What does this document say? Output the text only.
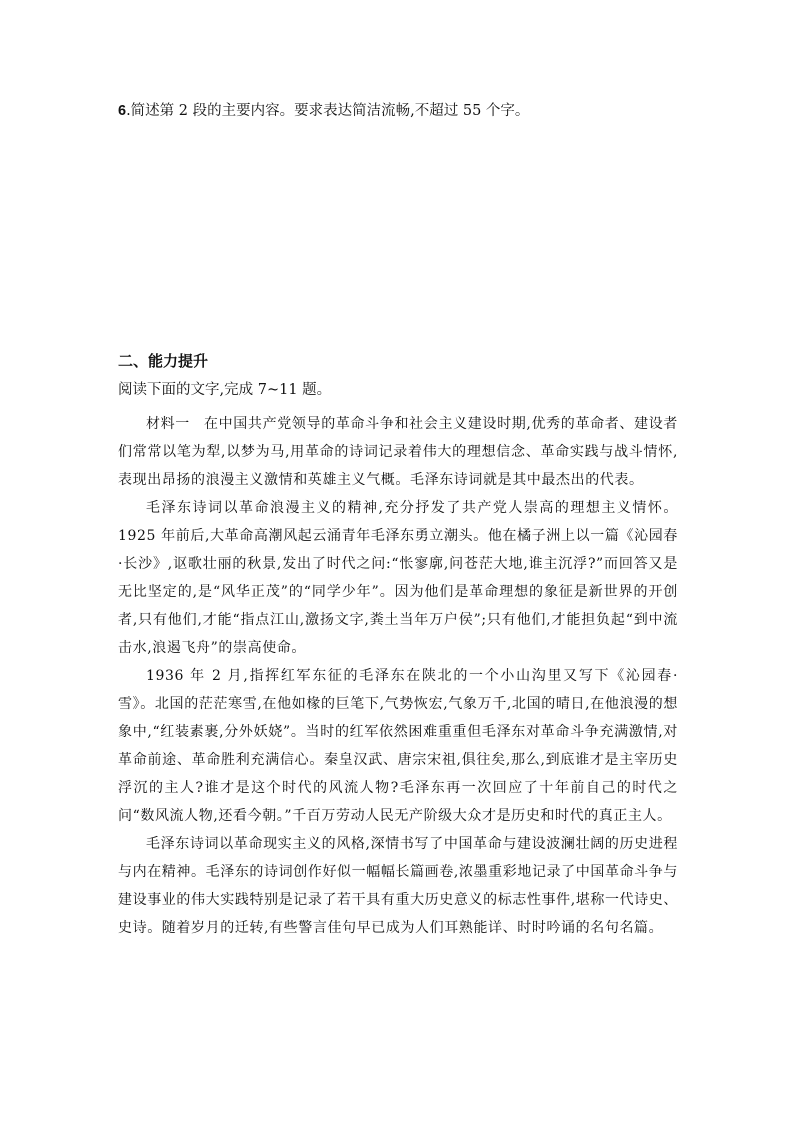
6.简述第 2 段的主要内容。要求表达简洁流畅,不超过 55 个字。
二、能力提升
阅读下面的文字,完成 7~11 题。

材料一 在中国共产党领导的革命斗争和社会主义建设时期,优秀的革命者、建设者们常常以笔为犁,以梦为马,用革命的诗词记录着伟大的理想信念、革命实践与战斗情怀,表现出昂扬的浪漫主义激情和英雄主义气概。毛泽东诗词就是其中最杰出的代表。

毛泽东诗词以革命浪漫主义的精神,充分抒发了共产党人崇高的理想主义情怀。1925 年前后,大革命高潮风起云涌青年毛泽东勇立潮头。他在橘子洲上以一篇《沁园春·长沙》,讴歌壮丽的秋景,发出了时代之问:“怅寥廓,问苍茫大地,谁主沉浮?”而回答又是无比坚定的,是“风华正茂”的“同学少年”。因为他们是革命理想的象征是新世界的开创者,只有他们,才能“指点江山,激扬文字,粪土当年万户侯”;只有他们,才能担负起“到中流击水,浪遏飞舟”的崇高使命。

1936 年 2 月,指挥红军东征的毛泽东在陕北的一个小山沟里又写下《沁园春·雪》。北国的茫茫寒雪,在他如椽的巨笔下,气势恢宏,气象万千,北国的晴日,在他浪漫的想象中,“红装素裹,分外妖娆”。当时的红军依然困难重重但毛泽东对革命斗争充满激情,对革命前途、革命胜利充满信心。秦皇汉武、唐宗宋祖,俱往矣,那么,到底谁才是主宰历史浮沉的主人?谁才是这个时代的风流人物?毛泽东再一次回应了十年前自己的时代之问“数风流人物,还看今朝。”千百万劳动人民无产阶级大众才是历史和时代的真正主人。

毛泽东诗词以革命现实主义的风格,深情书写了中国革命与建设波澜壮阔的历史进程与内在精神。毛泽东的诗词创作好似一幅幅长篇画卷,浓墨重彩地记录了中国革命斗争与建设事业的伟大实践特别是记录了若干具有重大历史意义的标志性事件,堪称一代诗史、史诗。随着岁月的迁转,有些警言佳句早已成为人们耳熟能详、时时吟诵的名句名篇。
